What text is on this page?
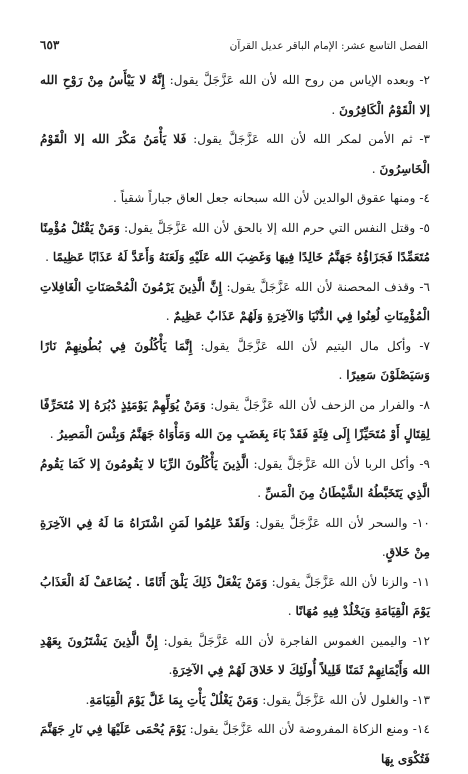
الفصل التاسع عشر: الإمام الباقر عديل القرآن
٦٥٣

٢- وبعده الإياس من روح الله لأن الله عَزَّجَلَّ يقول: إِنَّهُ لا يَيْأَسُ مِنْ رَوْحِ الله إلا الْقَوْمُ الْكَافِرُونَ .

٣- ثم الأمن لمكر الله لأن الله عَزَّجَلَّ يقول: فَلا يَأْمَنُ مَكْرَ الله إلا الْقَوْمُ الْخَاسِرُونَ .

٤- ومنها عقوق الوالدين لأن الله سبحانه جعل العاق جباراً شقياً .

٥- وقتل النفس التي حرم الله إلا بالحق لأن الله عَزَّجَلَّ يقول: وَمَنْ يَقْتُلْ مُؤْمِنًا مُتَعَمِّدًا فَجَزَاؤُهُ جَهَنَّمُ خَالِدًا فِيهَا وَغَضِبَ الله عَلَيْهِ وَلَعَنَهُ وَأَعَدَّ لَهُ عَذَابًا عَظِيمًا .

٦- وقذف المحصنة لأن الله عَزَّجَلَّ يقول: إِنَّ الَّذِينَ يَرْمُونَ الْمُحْصَنَاتِ الْغَافِلاتِ الْمُؤْمِنَاتِ لُعِنُوا فِي الدُّنْيَا وَالآخِرَةِ وَلَهُمْ عَذَابٌ عَظِيمٌ .

٧- وأكل مال اليتيم لأن الله عَزَّجَلَّ يقول: إِنَّمَا يَأْكُلُونَ فِي بُطُونِهِمْ نَارًا وَسَيَصْلَوْنَ سَعِيرًا .

٨- والفرار من الزحف لأن الله عَزَّجَلَّ يقول: وَمَنْ يُوَلِّهِمْ يَوْمَئِذٍ دُبُرَهُ إلا مُتَحَرِّفًا لِقِتَالٍ أَوْ مُتَحَيِّزًا إِلَى فِئَةٍ فَقَدْ بَاءَ بِغَضَبٍ مِنَ الله وَمَأْوَاهُ جَهَنَّمُ وَبِئْسَ الْمَصِيرُ .

٩- وأكل الربا لأن الله عَزَّجَلَّ يقول: الَّذِينَ يَأْكُلُونَ الرِّبَا لا يَقُومُونَ إلا كَمَا يَقُومُ الَّذِي يَتَخَبَّطُهُ الشَّيْطَانُ مِنَ الْمَسِّ .

١٠- والسحر لأن الله عَزَّجَلَّ يقول: وَلَقَدْ عَلِمُوا لَمَنِ اشْتَرَاهُ مَا لَهُ فِي الآخِرَةِ مِنْ خَلاقٍ.

١١- والزنا لأن الله عَزَّجَلَّ يقول: وَمَنْ يَفْعَلْ ذَلِكَ يَلْقَ أَثَامًا . يُضَاعَفْ لَهُ الْعَذَابُ يَوْمَ الْقِيَامَةِ وَيَخْلُدْ فِيهِ مُهَانًا .

١٢- واليمين الغموس الفاجرة لأن الله عَزَّجَلَّ يقول: إِنَّ الَّذِينَ يَشْتَرُونَ بِعَهْدِ الله وَأَيْمَانِهِمْ ثَمَنًا قَلِيلاً أُولَئِكَ لا خَلاقَ لَهُمْ فِي الآخِرَةِ.

١٣- والغلول لأن الله عَزَّجَلَّ يقول: وَمَنْ يَغْلُلْ يَأْتِ بِمَا غَلَّ يَوْمَ الْقِيَامَةِ.

١٤- ومنع الزكاة المفروضة لأن الله عَزَّجَلَّ يقول: يَوْمَ يُحْمَى عَلَيْهَا فِي نَارِ جَهَنَّمَ فَتُكْوَى بِهَا
